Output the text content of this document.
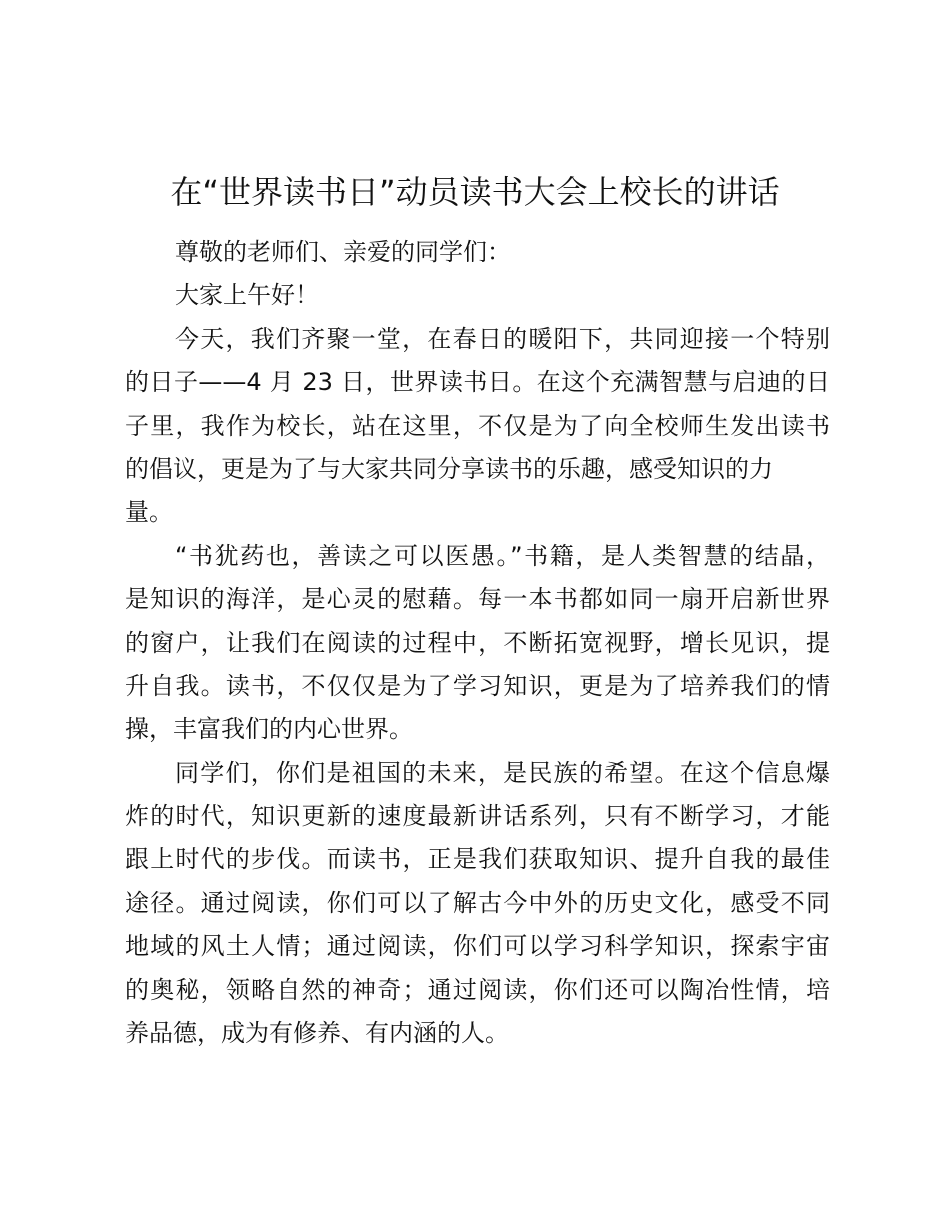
在“世界读书日”动员读书大会上校长的讲话
尊敬的老师们、亲爱的同学们：
大家上午好！
今天，我们齐聚一堂，在春日的暖阳下，共同迎接一个特别
的日子——4 月 23 日，世界读书日。在这个充满智慧与启迪的日
子里，我作为校长，站在这里，不仅是为了向全校师生发出读书
的倡议，更是为了与大家共同分享读书的乐趣，感受知识的力
量。
“书犹药也，善读之可以医愚。”书籍，是人类智慧的结晶，
是知识的海洋，是心灵的慰藉。每一本书都如同一扇开启新世界
的窗户，让我们在阅读的过程中，不断拓宽视野，增长见识，提
升自我。读书，不仅仅是为了学习知识，更是为了培养我们的情
操，丰富我们的内心世界。
同学们，你们是祖国的未来，是民族的希望。在这个信息爆
炸的时代，知识更新的速度最新讲话系列，只有不断学习，才能
跟上时代的步伐。而读书，正是我们获取知识、提升自我的最佳
途径。通过阅读，你们可以了解古今中外的历史文化，感受不同
地域的风土人情；通过阅读，你们可以学习科学知识，探索宇宙
的奥秘，领略自然的神奇；通过阅读，你们还可以陶冶性情，培
养品德，成为有修养、有内涵的人。
